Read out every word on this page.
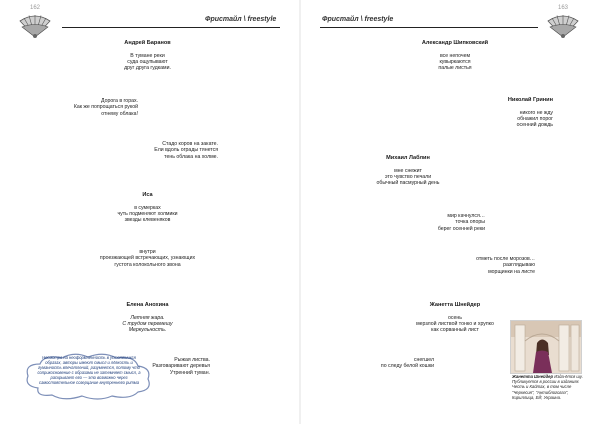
162
Фристайл \ freestyle
Андрей Баранов

В тумане реки
суда ощупывают
друг друга гудками.
Дорога в горах.
Как же попрощаться рукой
отнему облака!
Стадо коров на закате.
Ели вдоль ограды тянется
тень облака на холме.
Иса

в сумерках
чуть подменяют холмики
звезды клевеняков
внутри
проезжающей встречающих, узнающих
густота колокольного звона
Елена Анохина

Летняя жара.
С трудом перемешу
Меркульность.
Рыжая листва.
Разговаривают деревья
Утренний туман.
Несмотря на неоформленность в устоявшихся образах, авторы имеют смысл и лёгкость и гуманность впечатлений, разумеется, потому что соприкосновение с образами не затемняет смысл, а раскрывает его — это возможно через самостоятельное созерцание внутреннего ритма
163
Фристайл \ freestyle
Александр Шипковский

все непочем
кувыркаются
палые листья
Николай Гринин

никого не жду
обнажил порог
осенний дождь
Михаил Лаблин

мне снежит
это чувство печали
обычный пасмурный день
мир качнулся…
точка опоры
берег осенней реки
отметь после морозов…
разглядываю
морщинки на листе
Жанетта Шнейдер

осень
мерзлой листвой тонко и хрупко
как сорванный лист
снегшел
по следу белой кошки
Жанетта Шнейдер Изда-ётся шу. Публикуется в россии в изданиях Честь и Кайтах, в том числе "Черкесия", "Антиблогогаэ", Кириллица, ЕЙ, Украина.
